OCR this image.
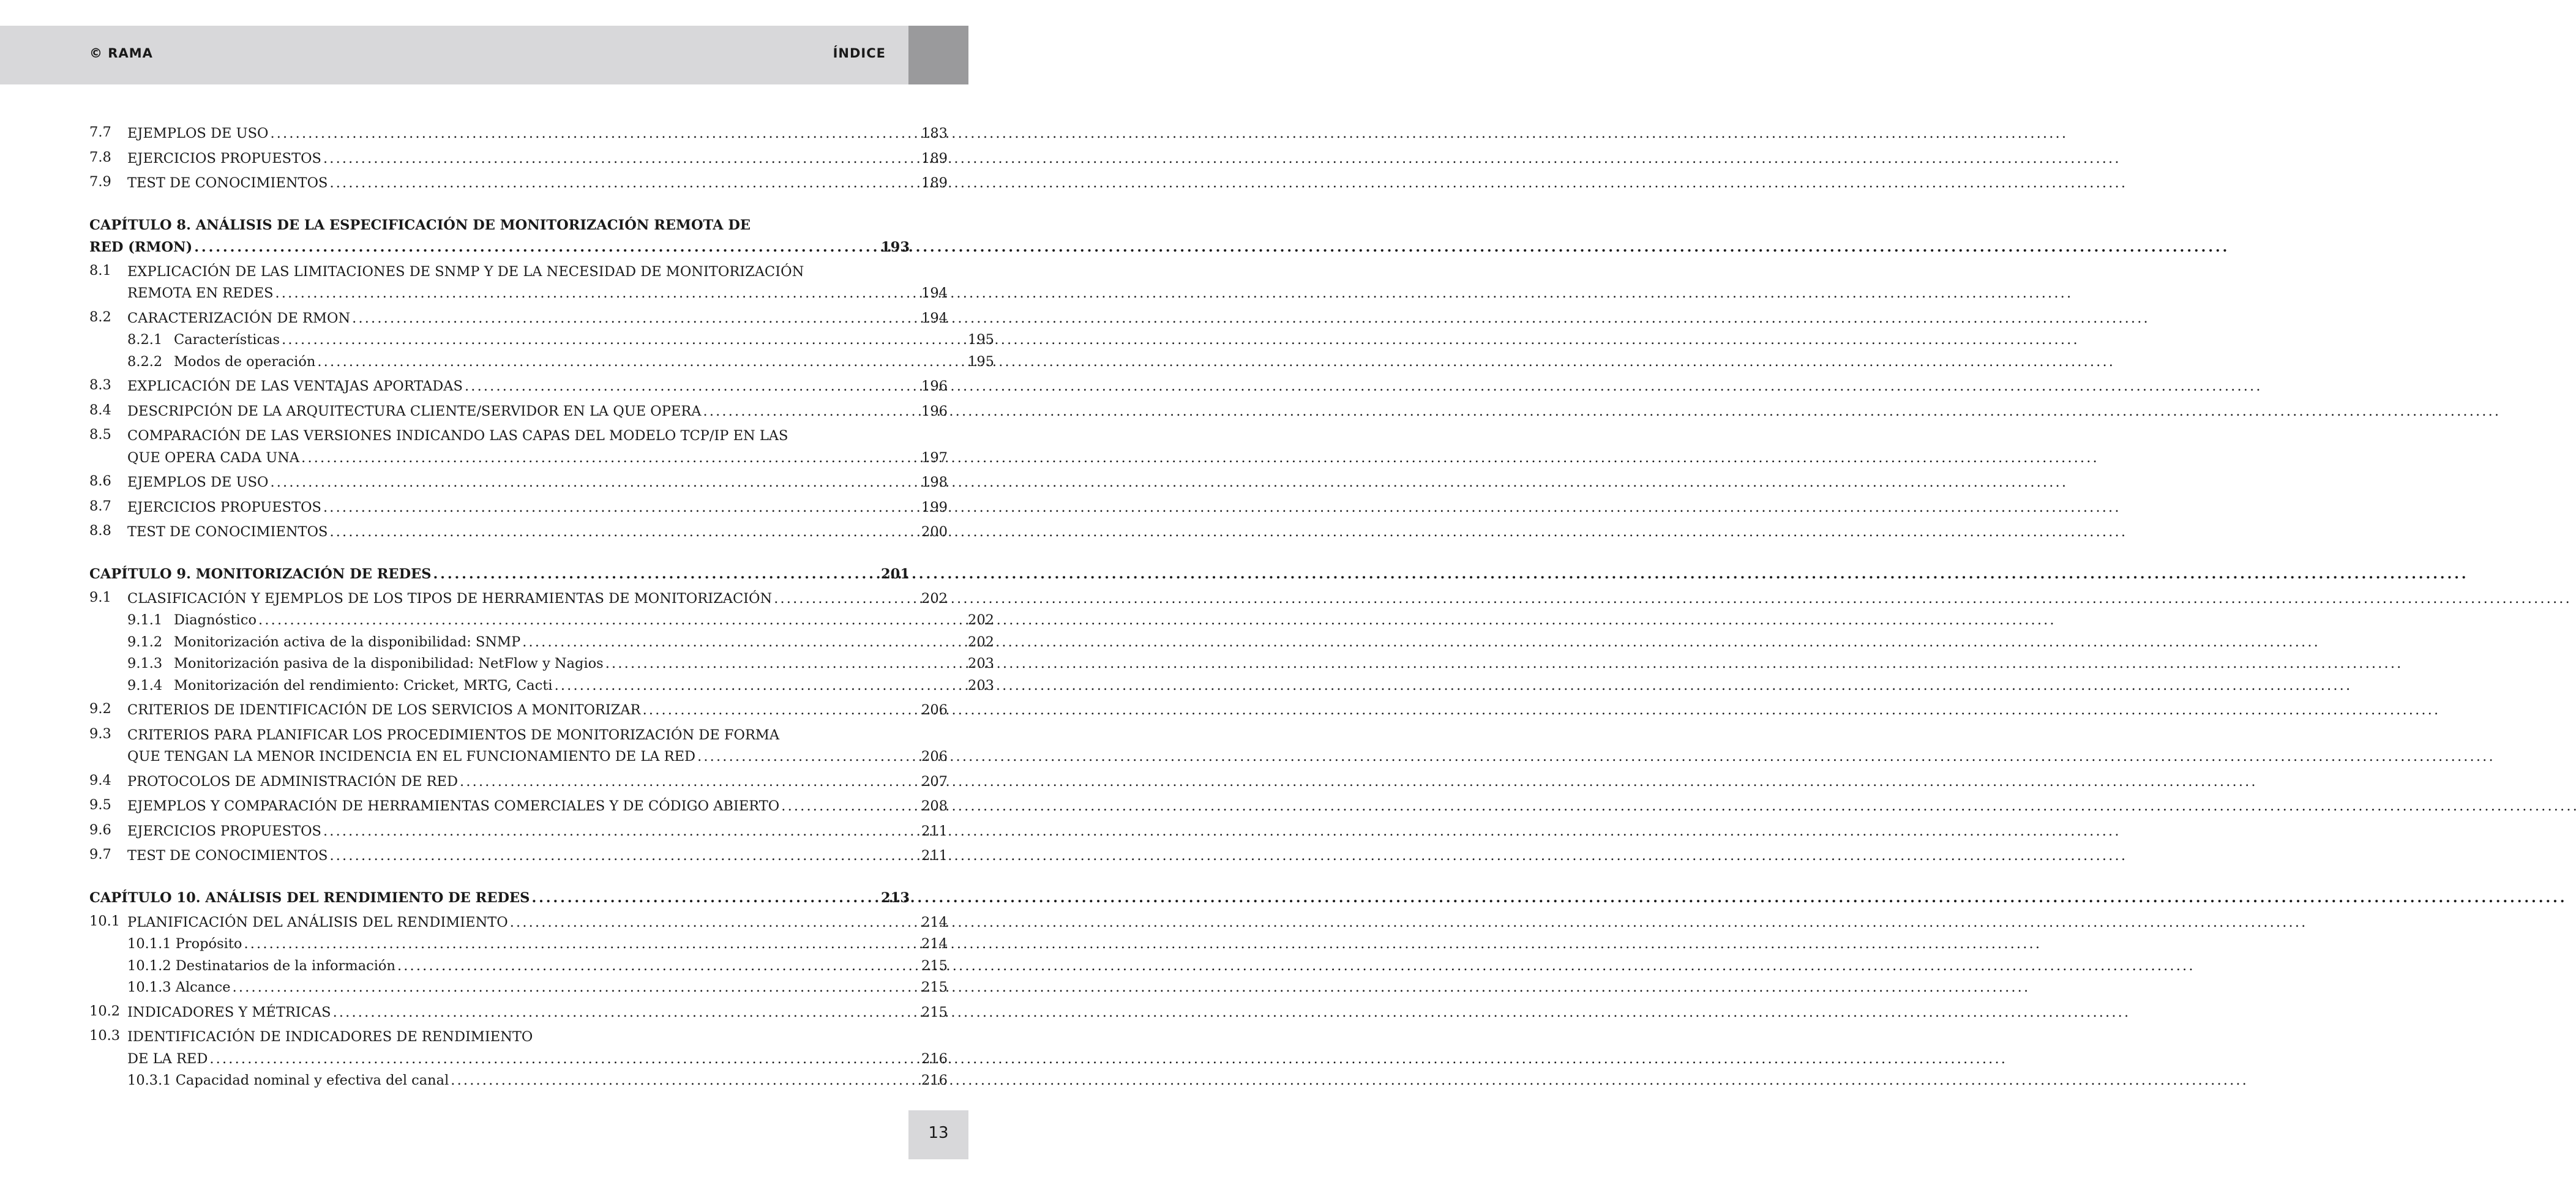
© RAMA	ÍNDICE
7.7 EJEMPLOS DE USO . . .	183
7.8 EJERCICIOS PROPUESTOS . . .	189
7.9 TEST DE CONOCIMIENTOS . . .	189
CAPÍTULO 8. ANÁLISIS DE LA ESPECIFICACIÓN DE MONITORIZACIÓN REMOTA DE
RED (RMON) . . .	193
8.1 EXPLICACIÓN DE LAS LIMITACIONES DE SNMP Y DE LA NECESIDAD DE MONITORIZACIÓN
REMOTA EN REDES . . .	194
8.2 CARACTERIZACIÓN DE RMON . . .	194
8.2.1 Características . . .	195
8.2.2 Modos de operación . . .	195
8.3 EXPLICACIÓN DE LAS VENTAJAS APORTADAS . . .	196
8.4 DESCRIPCIÓN DE LA ARQUITECTURA CLIENTE/SERVIDOR EN LA QUE OPERA . . .	196
8.5 COMPARACIÓN DE LAS VERSIONES INDICANDO LAS CAPAS DEL MODELO TCP/IP EN LAS
QUE OPERA CADA UNA . . .	197
8.6 EJEMPLOS DE USO . . .	198
8.7 EJERCICIOS PROPUESTOS . . .	199
8.8 TEST DE CONOCIMIENTOS . . .	200
CAPÍTULO 9. MONITORIZACIÓN DE REDES . . .	201
9.1 CLASIFICACIÓN Y EJEMPLOS DE LOS TIPOS DE HERRAMIENTAS DE MONITORIZACIÓN . . .	202
9.1.1 Diagnóstico . . .	202
9.1.2 Monitorización activa de la disponibilidad: SNMP . . .	202
9.1.3 Monitorización pasiva de la disponibilidad: NetFlow y Nagios . . .	203
9.1.4 Monitorización del rendimiento: Cricket, MRTG, Cacti . . .	203
9.2 CRITERIOS DE IDENTIFICACIÓN DE LOS SERVICIOS A MONITORIZAR . . .	206
9.3 CRITERIOS PARA PLANIFICAR LOS PROCEDIMIENTOS DE MONITORIZACIÓN DE FORMA
QUE TENGAN LA MENOR INCIDENCIA EN EL FUNCIONAMIENTO DE LA RED . . .	206
9.4 PROTOCOLOS DE ADMINISTRACIÓN DE RED . . .	207
9.5 EJEMPLOS Y COMPARACIÓN DE HERRAMIENTAS COMERCIALES Y DE CÓDIGO ABIERTO . . .	208
9.6 EJERCICIOS PROPUESTOS . . .	211
9.7 TEST DE CONOCIMIENTOS . . .	211
CAPÍTULO 10. ANÁLISIS DEL RENDIMIENTO DE REDES . . .	213
10.1 PLANIFICACIÓN DEL ANÁLISIS DEL RENDIMIENTO . . .	214
10.1.1 Propósito . . .	214
10.1.2 Destinatarios de la información . . .	215
10.1.3 Alcance . . .	215
10.2 INDICADORES Y MÉTRICAS . . .	215
10.3 IDENTIFICACIÓN DE INDICADORES DE RENDIMIENTO
DE LA RED . . .	216
10.3.1 Capacidad nominal y efectiva del canal . . .	216
13
